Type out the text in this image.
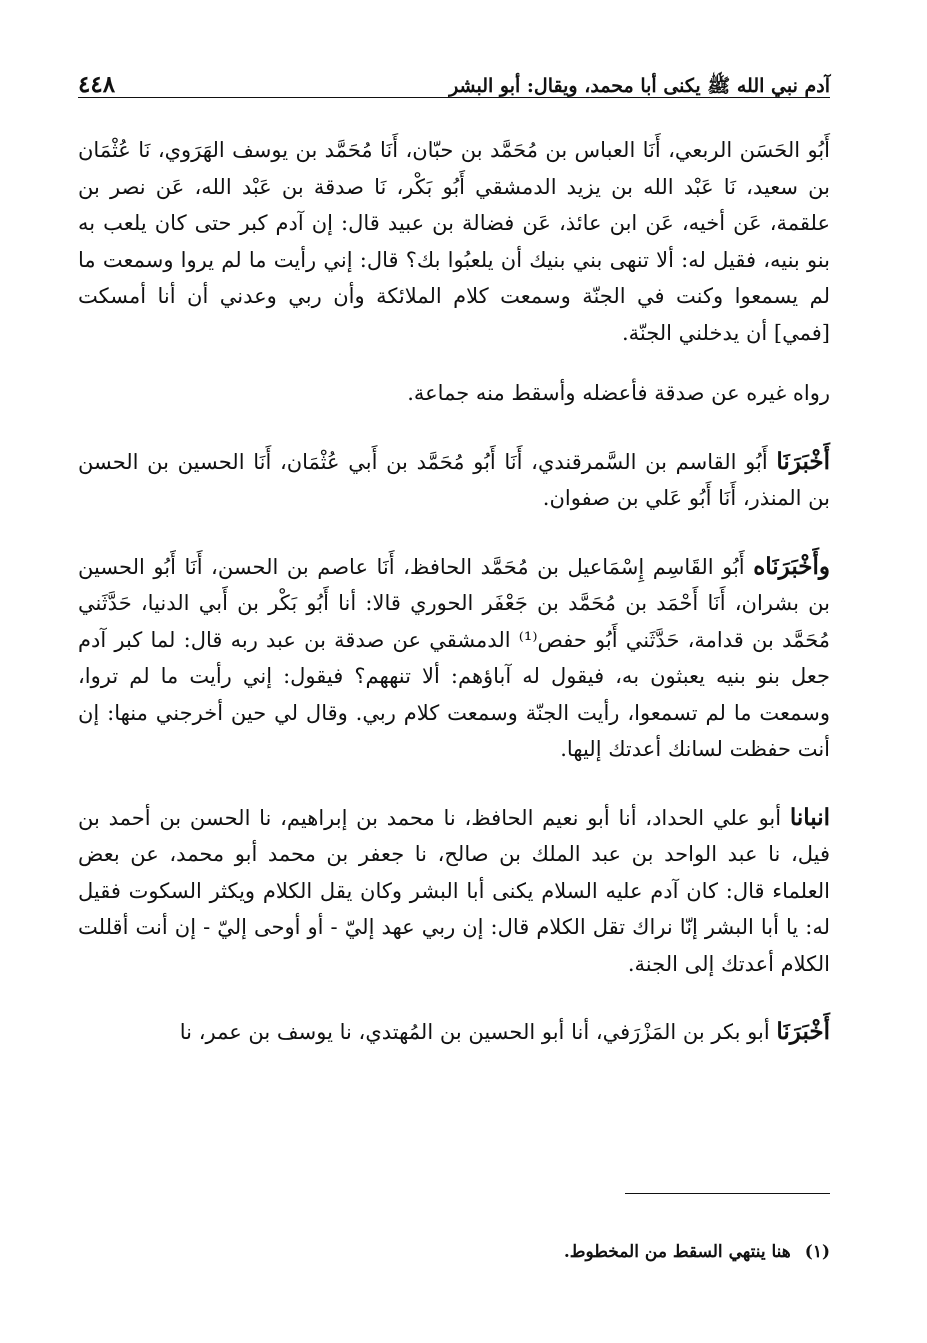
آدم نبي الله ﷺ يكنى أبا محمد، ويقال: أبو البشر
٤٤٨

أَبُو الحَسَن الربعي، أَنَا العباس بن مُحَمَّد بن حبّان، أَنَا مُحَمَّد بن يوسف الهَرَوي، نَا عُثْمَان بن سعيد، نَا عَبْد الله بن يزيد الدمشقي أَبُو بَكْر، نَا صدقة بن عَبْد الله، عَن نصر بن علقمة، عَن أخيه، عَن ابن عائذ، عَن فضالة بن عبيد قال: إن آدم كبر حتى كان يلعب به بنو بنيه، فقيل له: ألا تنهى بني بنيك أن يلعبُوا بك؟ قال: إني رأيت ما لم يروا وسمعت ما لم يسمعوا وكنت في الجنّة وسمعت كلام الملائكة وأن ربي وعدني أن أنا أمسكت [فمي] أن يدخلني الجنّة.

رواه غيره عن صدقة فأعضله وأسقط منه جماعة.

أَخْبَرَنَا أَبُو القاسم بن السَّمرقندي، أَنَا أَبُو مُحَمَّد بن أَبي عُثْمَان، أَنَا الحسين بن الحسن بن المنذر، أَنَا أَبُو عَلي بن صفوان.

وأَخْبَرَنَاه أَبُو القَاسِم إِسْمَاعيل بن مُحَمَّد الحافظ، أَنَا عاصم بن الحسن، أَنَا أَبُو الحسين بن بشران، أَنَا أَحْمَد بن مُحَمَّد بن جَعْفَر الحوري قالا: أنا أَبُو بَكْر بن أَبي الدنيا، حَدَّثَني مُحَمَّد بن قدامة، حَدَّثَني أَبُو حفص⁽¹⁾ الدمشقي عن صدقة بن عبد ربه قال: لما كبر آدم جعل بنو بنيه يعبثون به، فيقول له آباؤهم: ألا تنههم؟ فيقول: إني رأيت ما لم تروا، وسمعت ما لم تسمعوا، رأيت الجنّة وسمعت كلام ربي. وقال لي حين أخرجني منها: إن أنت حفظت لسانك أعدتك إليها.

انبانا أبو علي الحداد، أنا أبو نعيم الحافظ، نا محمد بن إبراهيم، نا الحسن بن أحمد بن فيل، نا عبد الواحد بن عبد الملك بن صالح، نا جعفر بن محمد أبو محمد، عن بعض العلماء قال: كان آدم عليه السلام يكنى أبا البشر وكان يقل الكلام ويكثر السكوت فقيل له: يا أبا البشر إنّا نراك تقل الكلام قال: إن ربي عهد إليّ - أو أوحى إليّ - إن أنت أقللت الكلام أعدتك إلى الجنة.

أَخْبَرَنَا أبو بكر بن المَزْرَفي، أنا أبو الحسين بن المُهتدي، نا يوسف بن عمر، نا

(١)هنا ينتهي السقط من المخطوط.
